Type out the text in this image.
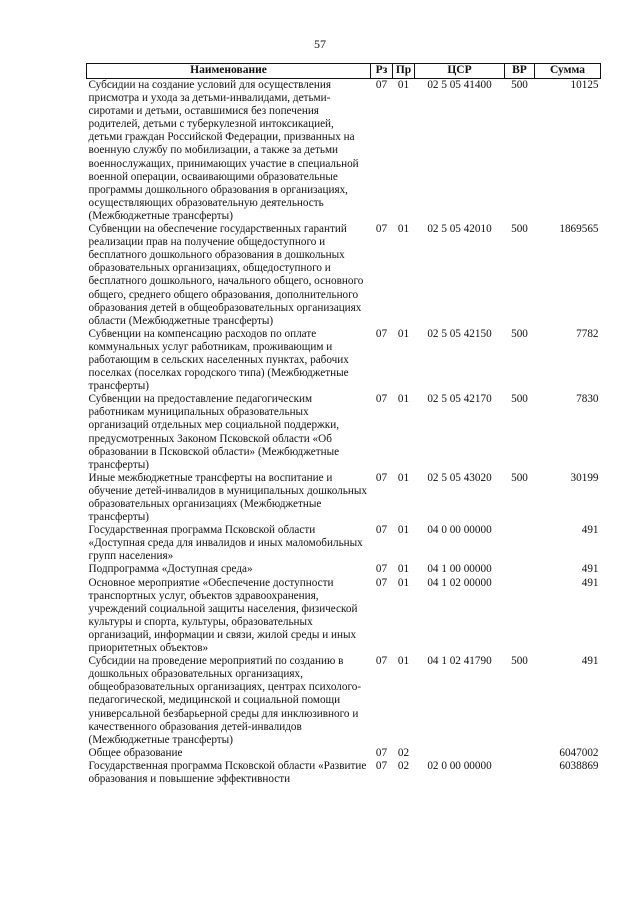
57
Наименование	Рз	Пр	ЦСР	ВР	Сумма
Субсидии на создание условий для осуществления присмотра и ухода за детьми-инвалидами, детьми-сиротами и детьми, оставшимися без попечения родителей, детьми с туберкулезной интоксикацией, детьми граждан Российской Федерации, призванных на военную службу по мобилизации, а также за детьми военнослужащих, принимающих участие в специальной военной операции, осваивающими образовательные программы дошкольного образования в организациях, осуществляющих образовательную деятельность (Межбюджетные трансферты)	07	01	02 5 05 41400	500	10125
Субвенции на обеспечение государственных гарантий реализации прав на получение общедоступного и бесплатного дошкольного образования в дошкольных образовательных организациях, общедоступного и бесплатного дошкольного, начального общего, основного общего, среднего общего образования, дополнительного образования детей в общеобразовательных организациях области (Межбюджетные трансферты)	07	01	02 5 05 42010	500	1869565
Субвенции на компенсацию расходов по оплате коммунальных услуг работникам, проживающим и работающим в сельских населенных пунктах, рабочих поселках (поселках городского типа) (Межбюджетные трансферты)	07	01	02 5 05 42150	500	7782
Субвенции на предоставление педагогическим работникам муниципальных образовательных организаций отдельных мер социальной поддержки, предусмотренных Законом Псковской области «Об образовании в Псковской области» (Межбюджетные трансферты)	07	01	02 5 05 42170	500	7830
Иные межбюджетные трансферты на воспитание и обучение детей-инвалидов в муниципальных дошкольных образовательных организациях (Межбюджетные трансферты)	07	01	02 5 05 43020	500	30199
Государственная программа Псковской области «Доступная среда для инвалидов и иных маломобильных групп населения»	07	01	04 0 00 00000		491
Подпрограмма «Доступная среда»	07	01	04 1 00 00000		491
Основное мероприятие «Обеспечение доступности транспортных услуг, объектов здравоохранения, учреждений социальной защиты населения, физической культуры и спорта, культуры, образовательных организаций, информации и связи, жилой среды и иных приоритетных объектов»	07	01	04 1 02 00000		491
Субсидии на проведение мероприятий по созданию в дошкольных образовательных организациях, общеобразовательных организациях, центрах психолого-педагогической, медицинской и социальной помощи универсальной безбарьерной среды для инклюзивного и качественного образования детей-инвалидов (Межбюджетные трансферты)	07	01	04 1 02 41790	500	491
Общее образование	07	02			6047002
Государственная программа Псковской области «Развитие образования и повышение эффективности	07	02	02 0 00 00000		6038869
